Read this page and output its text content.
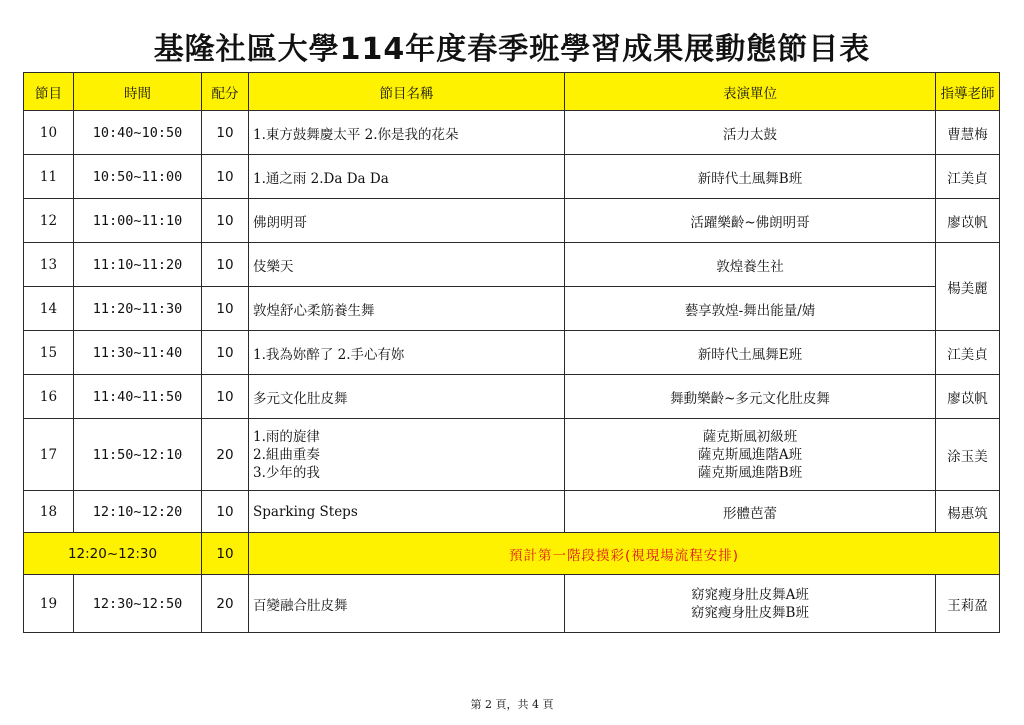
基隆社區大學114年度春季班學習成果展動態節目表
節目	時間	配分	節目名稱	表演單位	指導老師
10	10:40~10:50	10	1.東方鼓舞慶太平 2.你是我的花朵	活力太鼓	曹慧梅
11	10:50~11:00	10	1.通之雨 2.Da Da Da	新時代土風舞B班	江美貞
12	11:00~11:10	10	佛朗明哥	活躍樂齡~佛朗明哥	廖苡帆
13	11:10~11:20	10	伎樂天	敦煌養生社	楊美麗
14	11:20~11:30	10	敦煌舒心柔筋養生舞	藝享敦煌-舞出能量/婧	
15	11:30~11:40	10	1.我為妳醉了 2.手心有妳	新時代土風舞E班	江美貞
16	11:40~11:50	10	多元文化肚皮舞	舞動樂齡~多元文化肚皮舞	廖苡帆
17	11:50~12:10	20	1.雨的旋律
2.組曲重奏
3.少年的我	薩克斯風初級班
薩克斯風進階A班
薩克斯風進階B班	涂玉美
18	12:10~12:20	10	Sparking Steps	形體芭蕾	楊惠筑
12:20~12:30		10	預計第一階段摸彩(視現場流程安排)		
19	12:30~12:50	20	百變融合肚皮舞	窈窕瘦身肚皮舞A班
窈窕瘦身肚皮舞B班	王莉盈
第 2 頁，共 4 頁
